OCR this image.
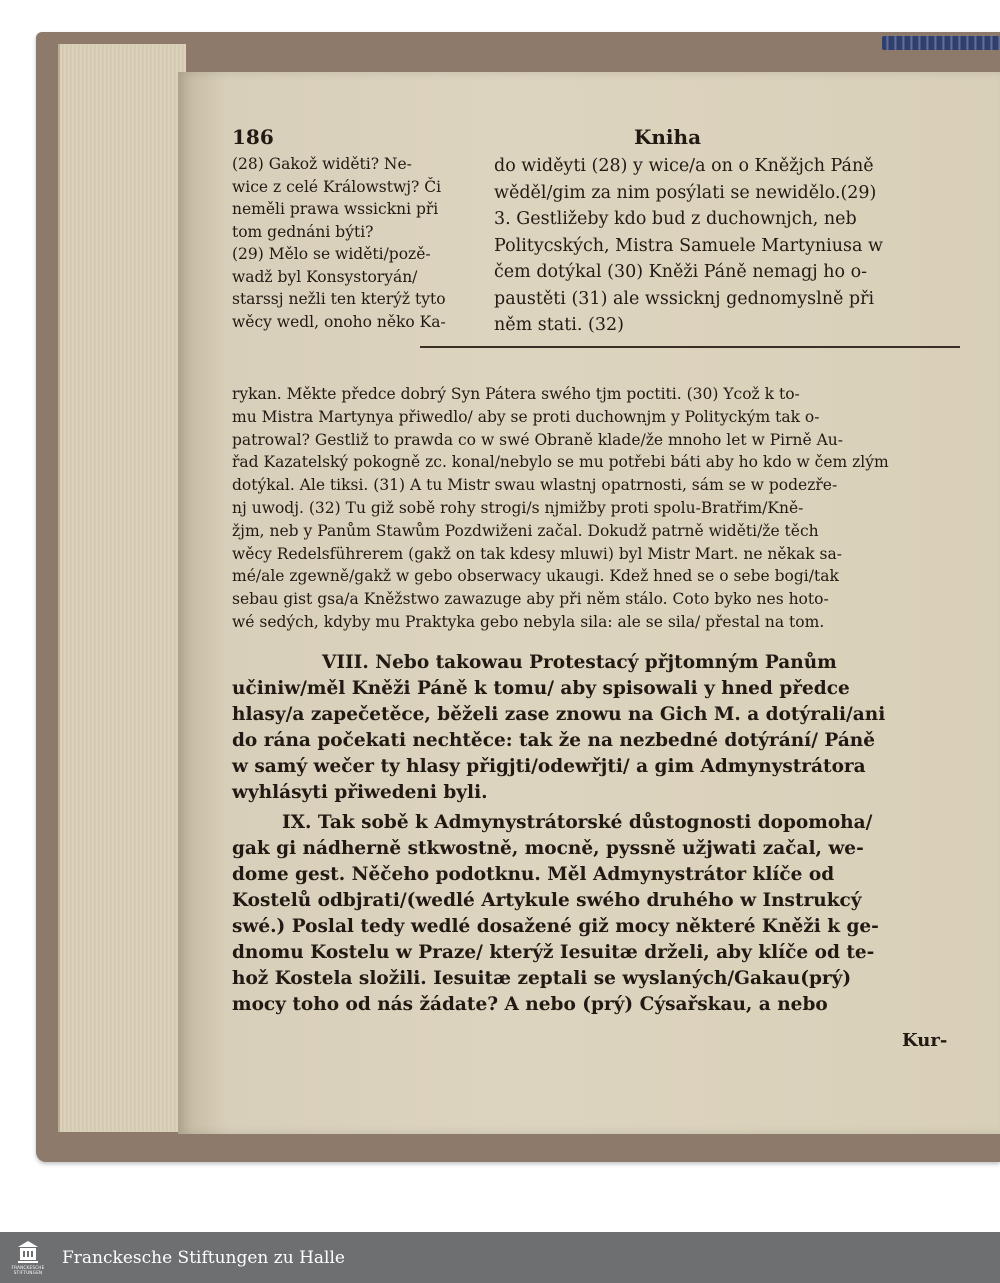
186	Kniha
(28) Gakož widěti? Ne-
wice z celé Králowstwj? Či
neměli prawa wssickni při
tom gednáni býti?
(29) Mělo se widěti/pozě-
wadž byl Konsystoryán/
starssj nežli ten kterýž tyto
wěcy wedl, onoho něko Ka-
do widěyti (28) y wice/a on o Kněžjch Páně
wěděl/gim za nim posýlati se newidělo.(29)
3. Gestližeby kdo bud z duchownjch, neb
Politycských, Mistra Samuele Martyniusa w
čem dotýkal (30) Kněži Páně nemagj ho o-
paustěti (31) ale wssicknj gednomyslně při
něm stati. (32)
rykan. Měkte předce dobrý Syn Pátera swého tjm poctiti. (30) Ycož k to-
mu Mistra Martynya přiwedlo/ aby se proti duchownjm y Polityckým tak o-
patrowal? Gestliž to prawda co w swé Obraně klade/že mnoho let w Pirně Au-
řad Kazatelský pokogně zc. konal/nebylo se mu potřebi báti aby ho kdo w čem zlým
dotýkal. Ale tiksi. (31) A tu Mistr swau wlastnj opatrnosti, sám se w podezře-
nj uwodj. (32) Tu giž sobě rohy strogi/s njmižby proti spolu-Bratřim/Kně-
žjm, neb y Panům Stawům Pozdwiženi začal. Dokudž patrně widěti/že těch
wěcy Redelsführerem (gakž on tak kdesy mluwi) byl Mistr Mart. ne někak sa-
mé/ale zgewně/gakž w gebo obserwacy ukaugi. Kdež hned se o sebe bogi/tak
sebau gist gsa/a Kněžstwo zawazuge aby při něm stálo. Coto byko nes hoto-
wé sedých, kdyby mu Praktyka gebo nebyla sila: ale se sila/ přestal na tom.
VIII. Nebo takowau Protestacý přjtomným Panům
učiniw/měl Kněži Páně k tomu/ aby spisowali y hned předce
hlasy/a zapečetěce, běželi zase znowu na Gich M. a dotýrali/ani
do rána počekati nechtěce: tak že na nezbedné dotýrání/ Páně
w samý wečer ty hlasy přigjti/odewřjti/ a gim Admynystrátora
wyhlásyti přiwedeni byli.
IX. Tak sobě k Admynystrátorské důstognosti dopomoha/
gak gi nádherně stkwostně, mocně, pyssně užjwati začal, we-
dome gest. Něčeho podotknu. Měl Admynystrátor klíče od
Kostelů odbjrati/(wedlé Artykule swého druhého w Instrukcý
swé.) Poslal tedy wedlé dosažené giž mocy některé Kněži k ge-
dnomu Kostelu w Praze/ kterýž Iesuitæ drželi, aby klíče od te-
hož Kostela složili. Iesuitæ zeptali se wyslaných/Gakau(prý)
mocy toho od nás žádate? A nebo (prý) Cýsařskau, a nebo
Kur-
FRANCKESCHE
STIFTUNGEN
Franckesche Stiftungen zu Halle
